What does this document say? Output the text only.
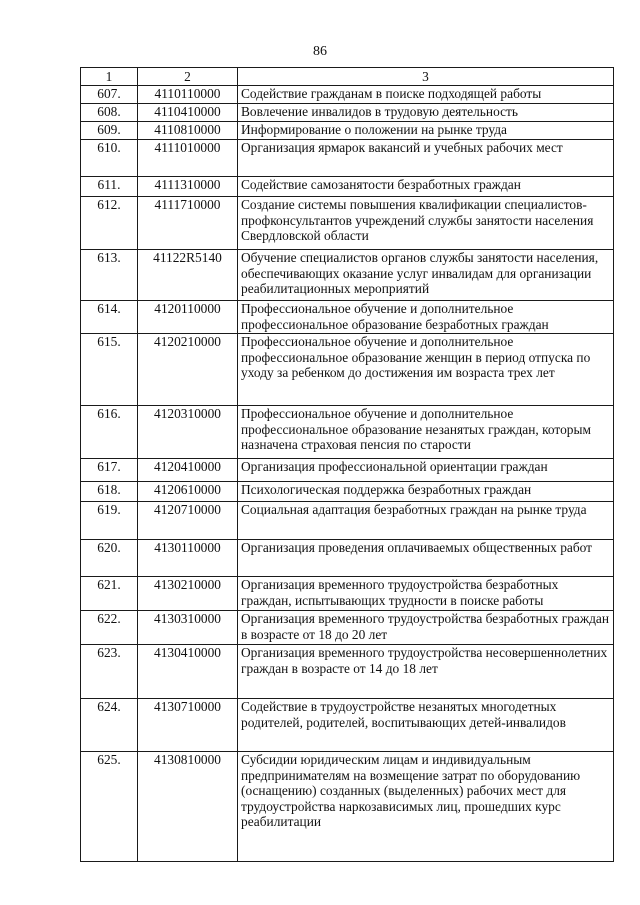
86
1	2	3
607.	4110110000	Содействие гражданам в поиске подходящей работы
608.	4110410000	Вовлечение инвалидов в трудовую деятельность
609.	4110810000	Информирование о положении на рынке труда
610.	4111010000	Организация ярмарок вакансий и учебных рабочих мест
611.	4111310000	Содействие самозанятости безработных граждан
612.	4111710000	Создание системы повышения квалификации специалистов-профконсультантов учреждений службы занятости населения Свердловской области
613.	41122R5140	Обучение специалистов органов службы занятости населения, обеспечивающих оказание услуг инвалидам для организации реабилитационных мероприятий
614.	4120110000	Профессиональное обучение и дополнительное профессиональное образование безработных граждан
615.	4120210000	Профессиональное обучение и дополнительное профессиональное образование женщин в период отпуска по уходу за ребенком до достижения им возраста трех лет
616.	4120310000	Профессиональное обучение и дополнительное профессиональное образование незанятых граждан, которым назначена страховая пенсия по старости
617.	4120410000	Организация профессиональной ориентации граждан
618.	4120610000	Психологическая поддержка безработных граждан
619.	4120710000	Социальная адаптация безработных граждан на рынке труда
620.	4130110000	Организация проведения оплачиваемых общественных работ
621.	4130210000	Организация временного трудоустройства безработных граждан, испытывающих трудности в поиске работы
622.	4130310000	Организация временного трудоустройства безработных граждан в возрасте от 18 до 20 лет
623.	4130410000	Организация временного трудоустройства несовершеннолетних граждан в возрасте от 14 до 18 лет
624.	4130710000	Содействие в трудоустройстве незанятых многодетных родителей, родителей, воспитывающих детей-инвалидов
625.	4130810000	Субсидии юридическим лицам и индивидуальным предпринимателям на возмещение затрат по оборудованию (оснащению) созданных (выделенных) рабочих мест для трудоустройства наркозависимых лиц, прошедших курс реабилитации
